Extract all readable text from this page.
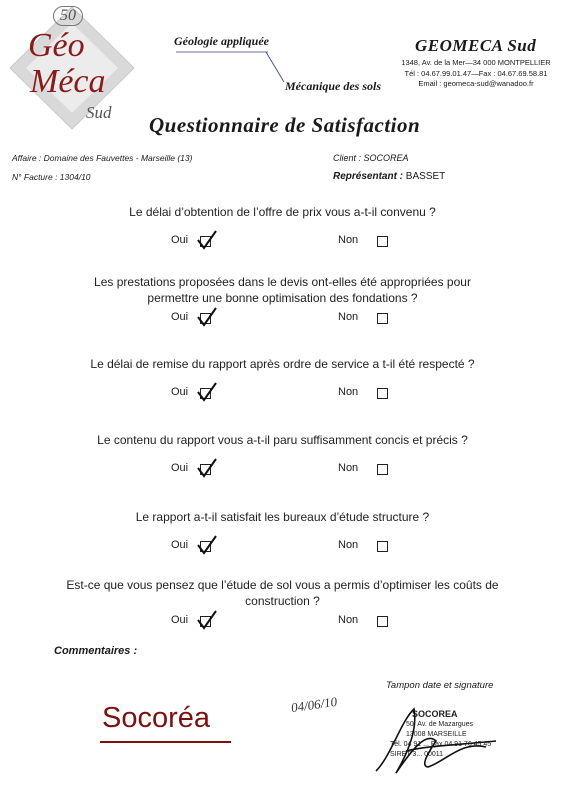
50
Géo
Méca
Sud
Géologie appliquée
Mécanique des sols
GEOMECA Sud
1348, Av. de la Mer—34 000 MONTPELLIER
Tél : 04.67.99.01.47—Fax : 04.67.69.58.81
Email : geomeca-sud@wanadoo.fr
Questionnaire de Satisfaction
Affaire : Domaine des Fauvettes - Marseille (13)
N° Facture : 1304/10
Client : SOCOREA
Représentant : BASSET
Le délai d’obtention de l’offre de prix vous a-t-il convenu ?
Oui	Non
Les prestations proposées dans le devis ont-elles été appropriées pour permettre une bonne optimisation des fondations ?
Oui	Non
Le délai de remise du rapport après ordre de service a t-il été respecté ?
Oui	Non
Le contenu du rapport vous a-t-il paru suffisamment concis et précis ?
Oui	Non
Le rapport a-t-il satisfait les bureaux d’étude structure ?
Oui	Non
Est-ce que vous pensez que l’étude de sol vous a permis d’optimiser les coûts de construction ?
Oui	Non
Commentaires :
Tampon date et signature
Socoréa	04/06/10	SOCOREA
50, Av. de Mazargues
13008 MARSEILLE
Tél. 04 91 ... Fax 04 91 76 45 45
SIRET 3... 00011
